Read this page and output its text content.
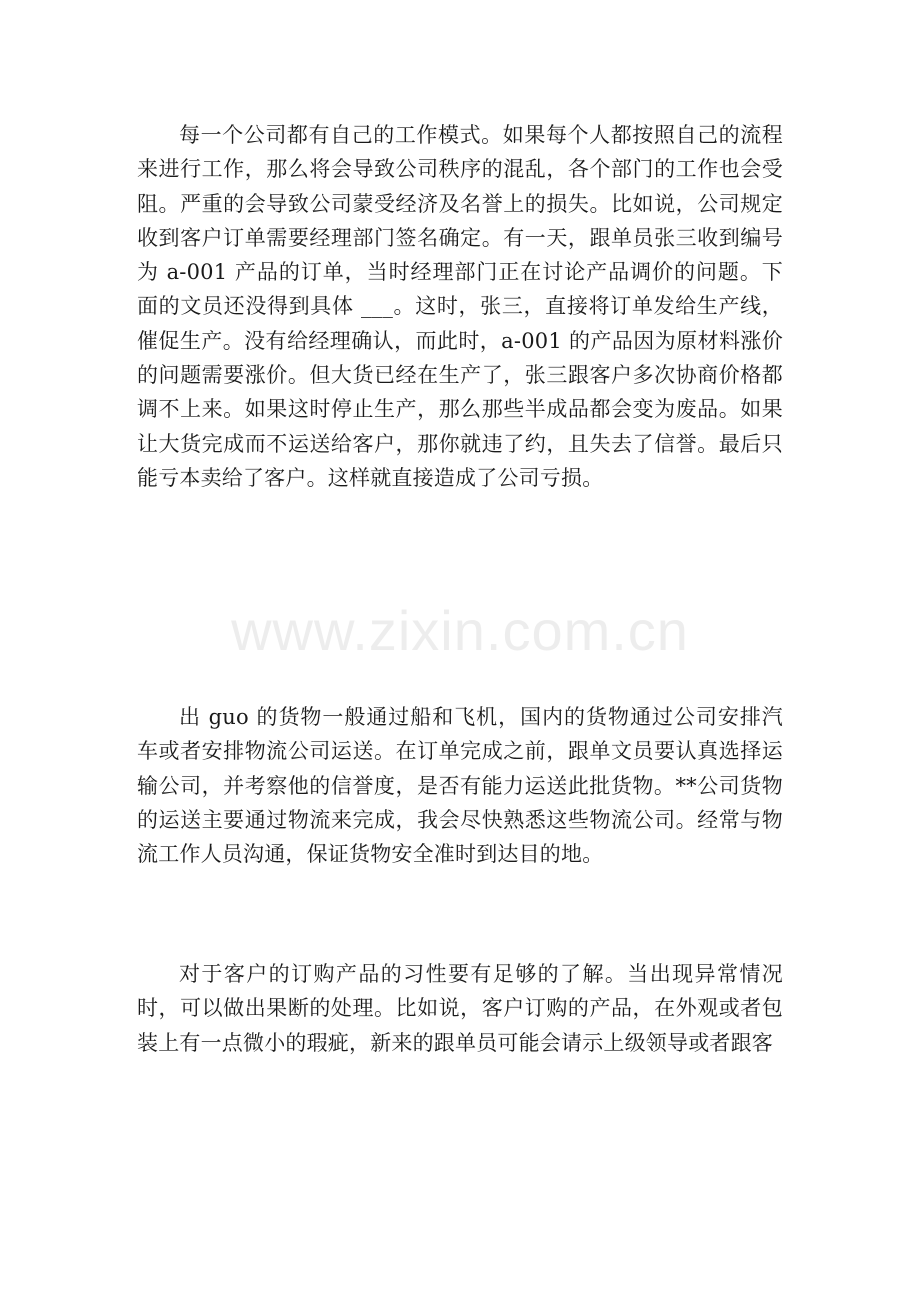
每一个公司都有自己的工作模式。如果每个人都按照自己的流程来进行工作，那么将会导致公司秩序的混乱，各个部门的工作也会受阻。严重的会导致公司蒙受经济及名誉上的损失。比如说，公司规定收到客户订单需要经理部门签名确定。有一天，跟单员张三收到编号为 a-001 产品的订单，当时经理部门正在讨论产品调价的问题。下面的文员还没得到具体 ___。这时，张三，直接将订单发给生产线，催促生产。没有给经理确认，而此时，a-001 的产品因为原材料涨价的问题需要涨价。但大货已经在生产了，张三跟客户多次协商价格都调不上来。如果这时停止生产，那么那些半成品都会变为废品。如果让大货完成而不运送给客户，那你就违了约，且失去了信誉。最后只能亏本卖给了客户。这样就直接造成了公司亏损。

www.zixin.com.cn

出 guo 的货物一般通过船和飞机，国内的货物通过公司安排汽车或者安排物流公司运送。在订单完成之前，跟单文员要认真选择运输公司，并考察他的信誉度，是否有能力运送此批货物。**公司货物的运送主要通过物流来完成，我会尽快熟悉这些物流公司。经常与物流工作人员沟通，保证货物安全准时到达目的地。

对于客户的订购产品的习性要有足够的了解。当出现异常情况时，可以做出果断的处理。比如说，客户订购的产品，在外观或者包装上有一点微小的瑕疵，新来的跟单员可能会请示上级领导或者跟客
